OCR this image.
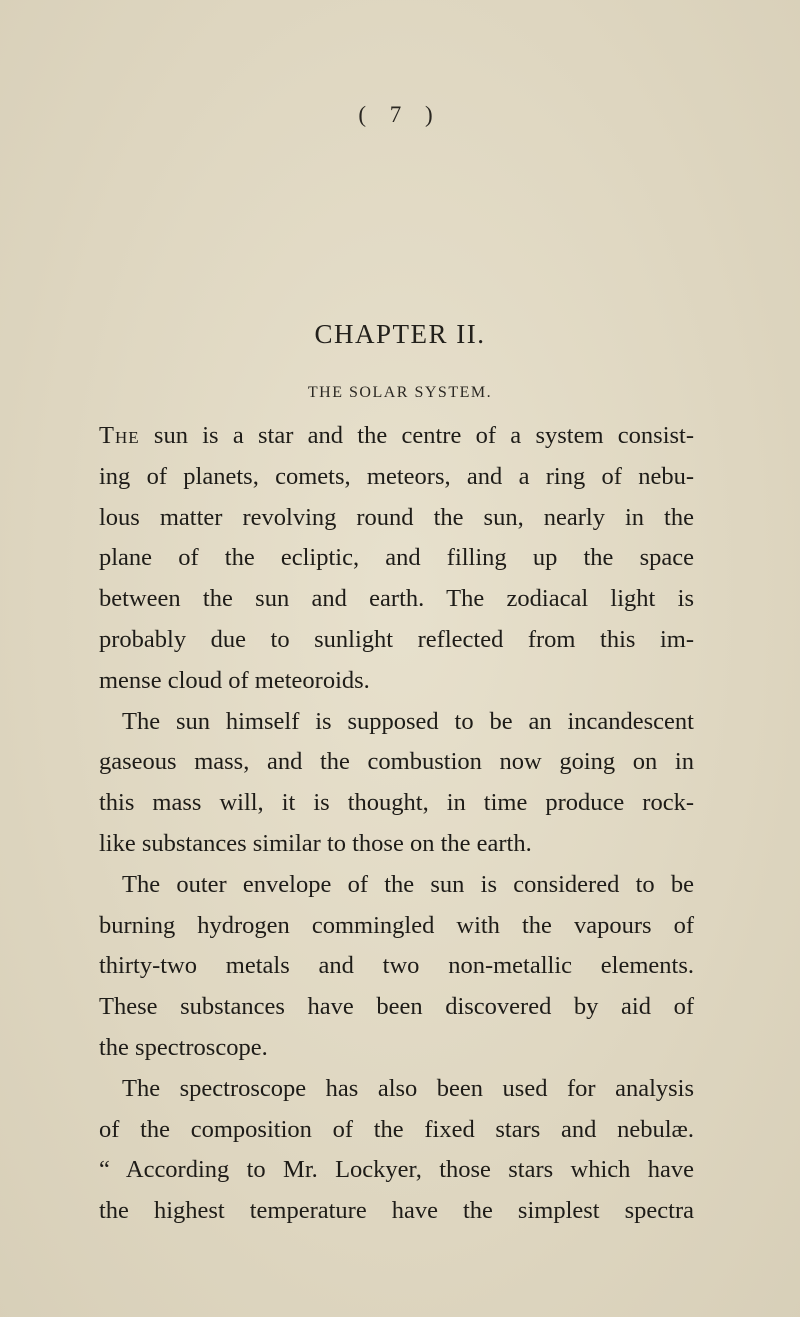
( 7 )
CHAPTER II.
THE SOLAR SYSTEM.
The sun is a star and the centre of a system consist-
ing of planets, comets, meteors, and a ring of nebu-
lous matter revolving round the sun, nearly in the
plane of the ecliptic, and filling up the space
between the sun and earth. The zodiacal light is
probably due to sunlight reflected from this im-
mense cloud of meteoroids.
The sun himself is supposed to be an incandescent
gaseous mass, and the combustion now going on in
this mass will, it is thought, in time produce rock-
like substances similar to those on the earth.
The outer envelope of the sun is considered to be
burning hydrogen commingled with the vapours of
thirty-two metals and two non-metallic elements.
These substances have been discovered by aid of
the spectroscope.
The spectroscope has also been used for analysis
of the composition of the fixed stars and nebulæ.
“ According to Mr. Lockyer, those stars which have
the highest temperature have the simplest spectra
